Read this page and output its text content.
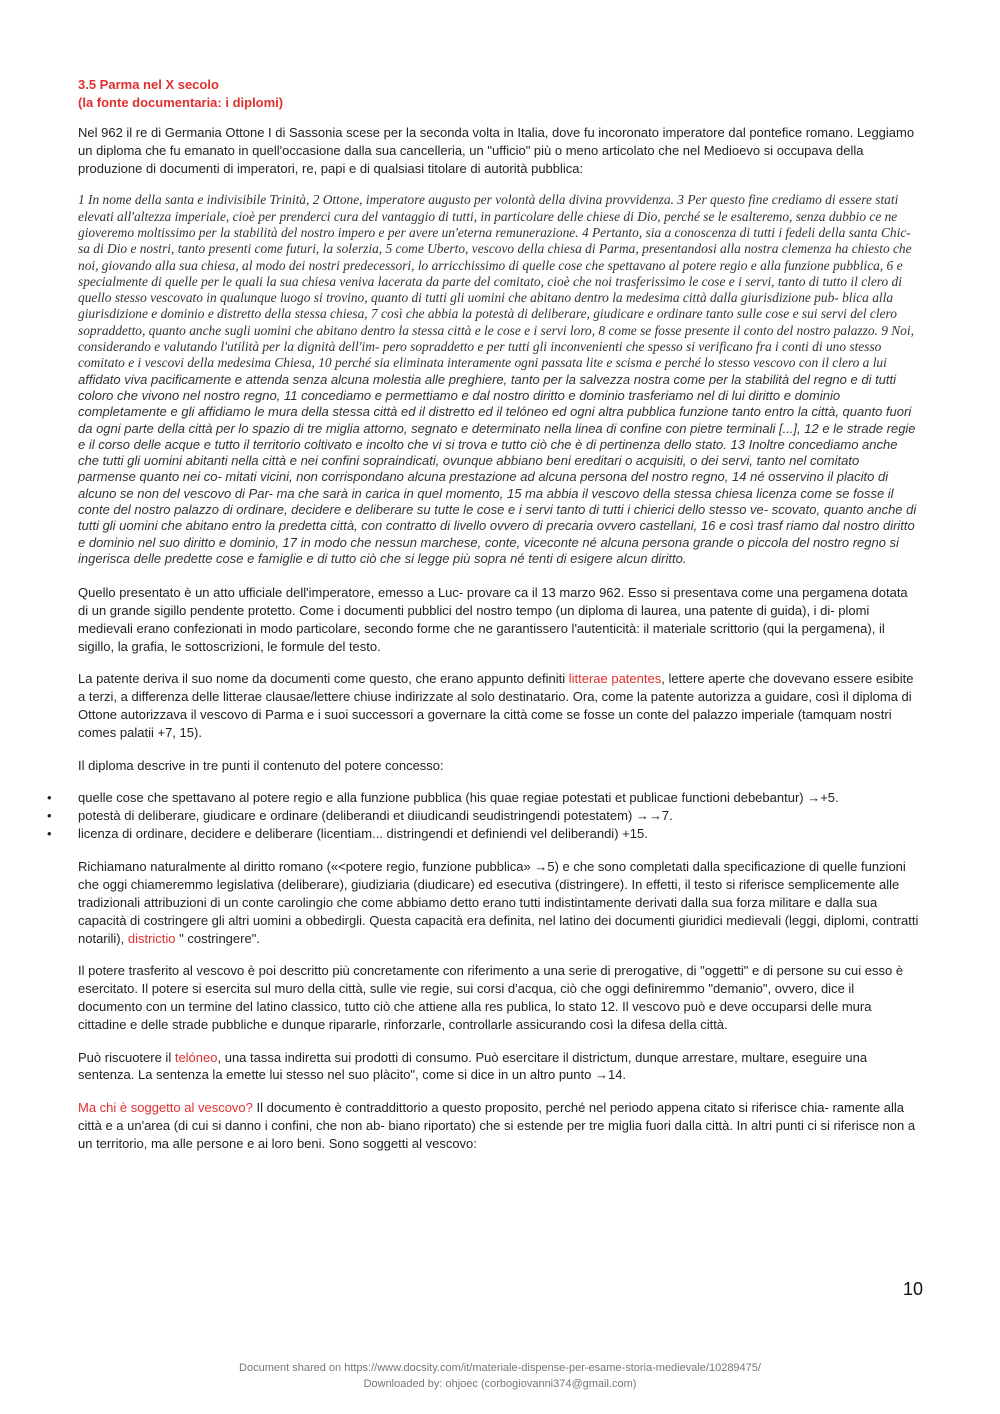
3.5 Parma nel X secolo
(la fonte documentaria: i diplomi)

Nel 962 il re di Germania Ottone I di Sassonia scese per la seconda volta in Italia, dove fu incoronato imperatore dal pontefice romano. Leggiamo un diploma che fu emanato in quell'occasione dalla sua cancelleria, un "ufficio" più o meno articolato che nel Medioevo si occupava della produzione di documenti di imperatori, re, papi e di qualsiasi titolare di autorità pubblica:

1 In nome della santa e indivisibile Trinità, 2 Ottone, imperatore augusto per volontà della divina provvidenza. 3 Per questo fine crediamo di essere stati elevati all'altezza imperiale, cioè per prenderci cura del vantaggio di tutti, in particolare delle chiese di Dio, perché se le esalteremo, senza dubbio ce ne gioveremo moltissimo per la stabilità del nostro impero e per avere un'eterna remunerazione. 4 Pertanto, sia a conoscenza di tutti i fedeli della santa Chic- sa di Dio e nostri, tanto presenti come futuri, la solerzia, 5 come Uberto, vescovo della chiesa di Parma, presentandosi alla nostra clemenza ha chiesto che noi, giovando alla sua chiesa, al modo dei nostri predecessori, lo arricchissimo di quelle cose che spettavano al potere regio e alla funzione pubblica, 6 e specialmente di quelle per le quali la sua chiesa veniva lacerata da parte del comitato, cioè che noi trasferissimo le cose e i servi, tanto di tutto il clero di quello stesso vescovato in qualunque luogo si trovino, quanto di tutti gli uomini che abitano dentro la medesima città dalla giurisdizione pub- blica alla giurisdizione e dominio e distretto della stessa chiesa, 7 così che abbia la potestà di deliberare, giudicare e ordinare tanto sulle cose e sui servi del clero sopraddetto, quanto anche sugli uomini che abitano dentro la stessa città e le cose e i servi loro, 8 come se fosse presente il conto del nostro palazzo. 9 Noi, considerando e valutando l'utilità per la dignità dell'im- pero sopraddetto e per tutti gli inconvenienti che spesso si verificano fra i conti di uno stesso comitato e i vescovi della medesima Chiesa, 10 perché sia eliminata interamente ogni passata lite e scisma e perché lo stesso vescovo con il clero a lui affidato viva pacificamente e attenda senza alcuna molestia alle preghiere, tanto per la salvezza nostra come per la stabilità del regno e di tutti coloro che vivono nel nostro regno, 11 concediamo e permettiamo e dal nostro diritto e dominio trasferiamo nel di lui diritto e dominio completamente e gli affidiamo le mura della stessa città ed il distretto ed il telóneo ed ogni altra pubblica funzione tanto entro la città, quanto fuori da ogni parte della città per lo spazio di tre miglia attorno, segnato e determinato nella linea di confine con pietre terminali [...], 12 e le strade regie e il corso delle acque e tutto il territorio coltivato e incolto che vi si trova e tutto ciò che è di pertinenza dello stato. 13 Inoltre concediamo anche che tutti gli uomini abitanti nella città e nei confini sopraindicati, ovunque abbiano beni ereditari o acquisiti, o dei servi, tanto nel comitato parmense quanto nei co- mitati vicini, non corrispondano alcuna prestazione ad alcuna persona del nostro regno, 14 né osservino il placito di alcuno se non del vescovo di Par- ma che sarà in carica in quel momento, 15 ma abbia il vescovo della stessa chiesa licenza come se fosse il conte del nostro palazzo di ordinare, decidere e deliberare su tutte le cose e i servi tanto di tutti i chierici dello stesso ve- scovato, quanto anche di tutti gli uomini che abitano entro la predetta città, con contratto di livello ovvero di precaria ovvero castellani, 16 e così trasf riamo dal nostro diritto e dominio nel suo diritto e dominio, 17 in modo che nessun marchese, conte, viceconte né alcuna persona grande o piccola del nostro regno si ingerisca delle predette cose e famiglie e di tutto ciò che si legge più sopra né tenti di esigere alcun diritto.

Quello presentato è un atto ufficiale dell'imperatore, emesso a Luc- provare ca il 13 marzo 962. Esso si presentava come una pergamena dotata di un grande sigillo pendente protetto. Come i documenti pubblici del nostro tempo (un diploma di laurea, una patente di guida), i di- plomi medievali erano confezionati in modo particolare, secondo forme che ne garantissero l'autenticità: il materiale scrittorio (qui la pergamena), il sigillo, la grafia, le sottoscrizioni, le formule del testo.

La patente deriva il suo nome da documenti come questo, che erano appunto definiti litterae patentes, lettere aperte che dovevano essere esibite a terzi, a differenza delle litterae clausae/lettere chiuse indirizzate al solo destinatario. Ora, come la patente autorizza a guidare, così il diploma di Ottone autorizzava il vescovo di Parma e i suoi successori a governare la città come se fosse un conte del palazzo imperiale (tamquam nostri comes palatii +7, 15).

Il diploma descrive in tre punti il contenuto del potere concesso:

• quelle cose che spettavano al potere regio e alla funzione pubblica (his quae regiae potestati et publicae functioni debebantur) →+5.
• potestà di deliberare, giudicare e ordinare (deliberandi et diiudicandi seudistringendi potestatem) →→7.
• licenza di ordinare, decidere e deliberare (licentiam... distringendi et definiendi vel deliberandi) +15.

Richiamano naturalmente al diritto romano («<potere regio, funzione pubblica» →5) e che sono completati dalla specificazione di quelle funzioni che oggi chiameremmo legislativa (deliberare), giudiziaria (diudicare) ed esecutiva (distringere). In effetti, il testo si riferisce semplicemente alle tradizionali attribuzioni di un conte carolingio che come abbiamo detto erano tutti indistintamente derivati dalla sua forza militare e dalla sua capacità di costringere gli altri uomini a obbedirgli. Questa capacità era definita, nel latino dei documenti giuridici medievali (leggi, diplomi, contratti notarili), districtio " costringere".

Il potere trasferito al vescovo è poi descritto più concretamente con riferimento a una serie di prerogative, di "oggetti" e di persone su cui esso è esercitato. Il potere si esercita sul muro della città, sulle vie regie, sui corsi d'acqua, ciò che oggi definiremmo "demanio", ovvero, dice il documento con un termine del latino classico, tutto ciò che attiene alla res publica, lo stato 12. Il vescovo può e deve occuparsi delle mura cittadine e delle strade pubbliche e dunque ripararle, rinforzarle, controllarle assicurando così la difesa della città.

Può riscuotere il telóneo, una tassa indiretta sui prodotti di consumo. Può esercitare il districtum, dunque arrestare, multare, eseguire una sentenza. La sentenza la emette lui stesso nel suo plàcito", come si dice in un altro punto →14.

Ma chi è soggetto al vescovo? Il documento è contraddittorio a questo proposito, perché nel periodo appena citato si riferisce chia- ramente alla città e a un'area (di cui si danno i confini, che non ab- biano riportato) che si estende per tre miglia fuori dalla città. In altri punti ci si riferisce non a un territorio, ma alle persone e ai loro beni. Sono soggetti al vescovo:

10
Document shared on https://www.docsity.com/it/materiale-dispense-per-esame-storia-medievale/10289475/
Downloaded by: ohjoec (corbogiovanni374@gmail.com)
